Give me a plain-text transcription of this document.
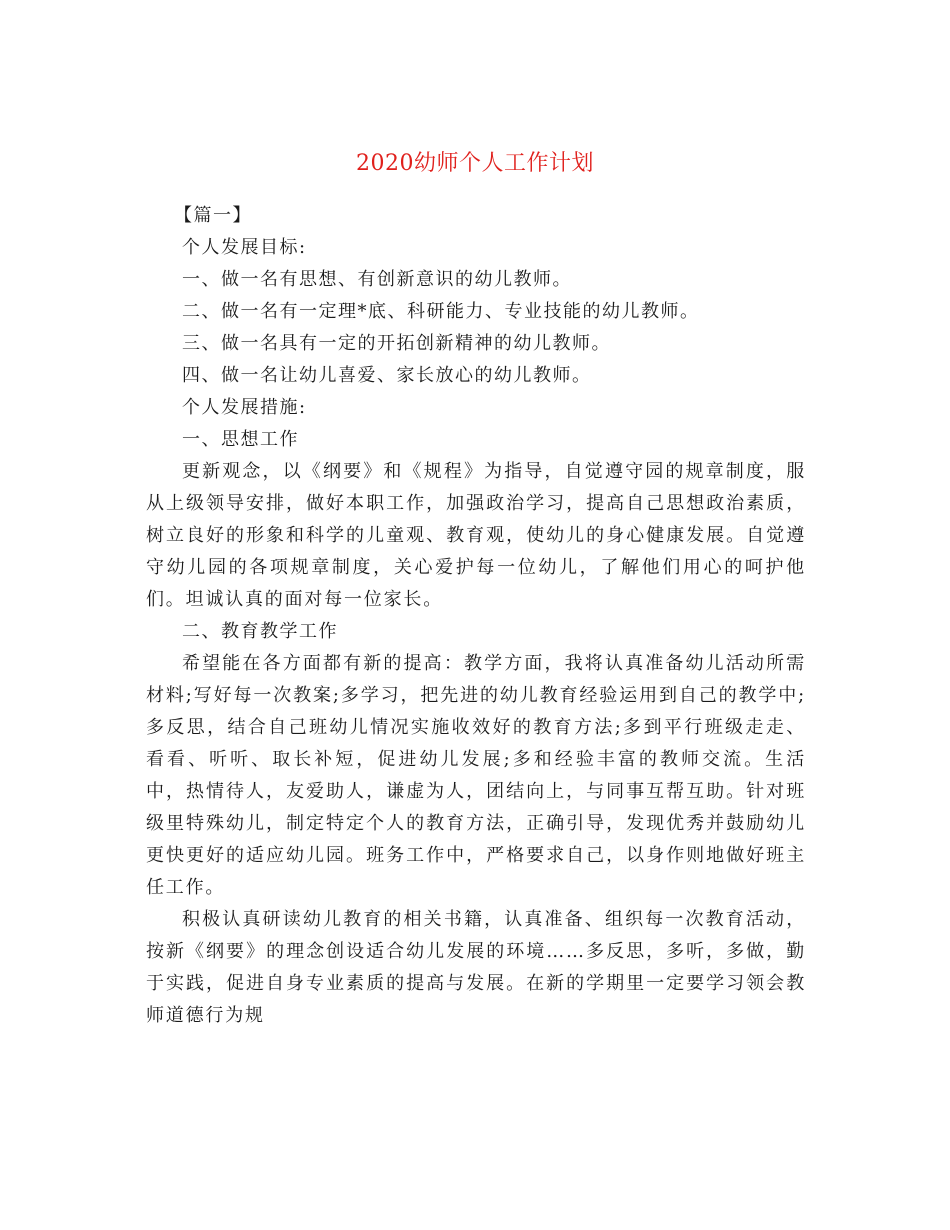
2020幼师个人工作计划

【篇一】

个人发展目标:

一、做一名有思想、有创新意识的幼儿教师。

二、做一名有一定理*底、科研能力、专业技能的幼儿教师。

三、做一名具有一定的开拓创新精神的幼儿教师。

四、做一名让幼儿喜爱、家长放心的幼儿教师。

个人发展措施:

一、思想工作

更新观念，以《纲要》和《规程》为指导，自觉遵守园的规章制度，服从上级领导安排，做好本职工作，加强政治学习，提高自己思想政治素质，树立良好的形象和科学的儿童观、教育观，使幼儿的身心健康发展。自觉遵守幼儿园的各项规章制度，关心爱护每一位幼儿，了解他们用心的呵护他们。坦诚认真的面对每一位家长。

二、教育教学工作

希望能在各方面都有新的提高：教学方面，我将认真准备幼儿活动所需材料;写好每一次教案;多学习，把先进的幼儿教育经验运用到自己的教学中;多反思，结合自己班幼儿情况实施收效好的教育方法;多到平行班级走走、看看、听听、取长补短，促进幼儿发展;多和经验丰富的教师交流。生活中，热情待人，友爱助人，谦虚为人，团结向上，与同事互帮互助。针对班级里特殊幼儿，制定特定个人的教育方法，正确引导，发现优秀并鼓励幼儿更快更好的适应幼儿园。班务工作中，严格要求自己，以身作则地做好班主任工作。

积极认真研读幼儿教育的相关书籍，认真准备、组织每一次教育活动，按新《纲要》的理念创设适合幼儿发展的环境……多反思，多听，多做，勤于实践，促进自身专业素质的提高与发展。在新的学期里一定要学习领会教师道德行为规
